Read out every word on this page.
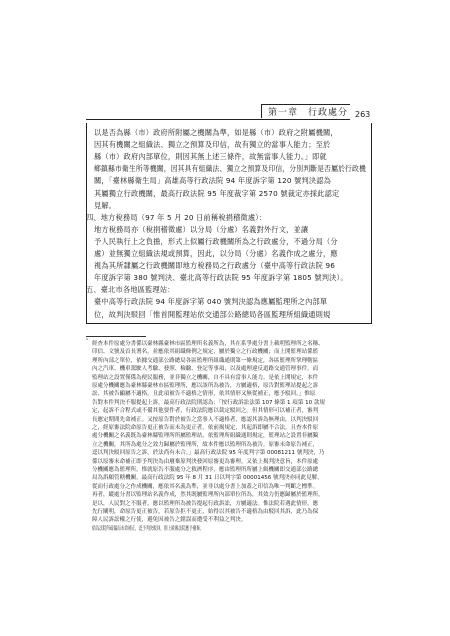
第一章　行政處分 263
以是否為縣（市）政府所附屬之機關為準，如是縣（市）政府之附屬機關，
因其有機關之組織法、獨立之預算及印信，故有獨立的當事人能力；至於
縣（市）政府內部單位，則因其無上述三條件，故無當事人能力。」即就
鄉鎮縣市衛生所等機關，因其具有組織法、獨立之預算及印信，分別判斷是否屬於行政機
關，「臺林縣衛生局」高雄高等行政法院 94 年度訴字第 120 號判決認為
其屬獨立行政機關，最高行政法院 95 年度裁字第 2570 號裁定亦採此認定
見解。
四、地方稅務局（97 年 5 月 20 日前稱稅捐稽徵處）：
地方稅務局亦（稅捐稽徵處）以分局（分處）名義對外行文，並讓
予人民執行上之負擔，形式上似屬行政機關所為之行政處分，不過分局（分
處）並無獨立組織法規或預算，因此，以分局（分處）名義作成之處分，應
視為其所隸屬之行政機關即地方稅務局之行政處分（臺中高等行政法院 96
年度訴字第 380 號判決、臺北高等行政法院 95 年度訴字第 1805 號判決）。
五、臺北市各地區監理站：
臺中高等行政法院 94 年度訴字第 040 號判決認為應屬監理所之內部單
位，故判決駁回「惟首開監理站依交通部公路總局各區監理所組織通則規
¹ 經查本件原處分書係以臺林縣臺林市區監理所名義所為，其在系爭處分書上載明監理所之名稱、
印信、文號及首長署名，並應依其組織條例之規定，屬於獨立之行政機關；而上開監理站係監
理所內部之單位，依據交通部公路總局各區監理所組織通則第一條規定，各區監理所掌理轄區
內之汽車、機車駕駛人考驗、發照、檢驗、登記等事項，以及處理違反道路交通管理事件，而
監理站之設置僅係為便民服務，並非獨立之機關，自不具有當事人能力。是依上開規定，本件
原處分機關應為臺林縣臺林市區監理所，應以該所為被告，方屬適格，原告對監理站提起之訴
訟，其被告顯屬不適格，且此項被告不適格之情形，依其情形又無從補正，應予駁回。」惟原
告對本件判決不服提起上訴，最高行政法院則認為：「按行政訴訟法第 107 條第 1 項第 10 款規
定，起訴不合程式或不備其他要件者，行政法院應以裁定駁回之。但其情形可以補正者，審判
長應定期間先命補正。又按原告對於被告之當事人不適格者，應認其訴為無理由，以判決駁回
之，經原審法院命原告更正被告而未為更正者，依前揭規定，其起訴即屬不合法。且查本件原
處分機關之名義既為臺林縣監理所所屬監理站，依監理所組織通則規定，監理站之設置非屬獨
立之機關，其所為處分之效力歸屬於監理所，故本件應以監理所為被告。原審未命原告補正，
逕以判決駁回原告之訴，於法尚有未合。」最高行政法院 95 年度判字第 00081211 號判決，乃
係以原審未命補正即予判決為由廢棄原判決發回原審更為審理。又依上揭判決意旨，本件原處
分機關應為監理所，惟就原告不服處分之救濟程序，應由監理所所屬上級機關即交通部公路總
局為訴願管轄機關，最高行政法院 95 年 8 月 31 日以判字第 00001456 號判決亦同此見解，
從而行政處分之作成機關，應依其名義為準，並非以處分書上加蓋之印信為唯一判斷之標準。
再者，縱處分書以監理站名義作成，然其既屬監理所內部單位所為，其效力仍應歸屬於監理所，
是以，人民對之不服者，應以監理所為被告提起行政訴訟，方屬適法。惟法院若遇此情形，應
先行闡明，命原告更正被告，若原告拒不更正，始得以其被告不適格為由駁回其訴，此乃為保
障人民訴訟權之行使，避免因被告之錯誤而遭受不利益之判決。
倘為法院所疏漏而未命補正，逕予判決駁回，則上級審法院應予廢棄。
